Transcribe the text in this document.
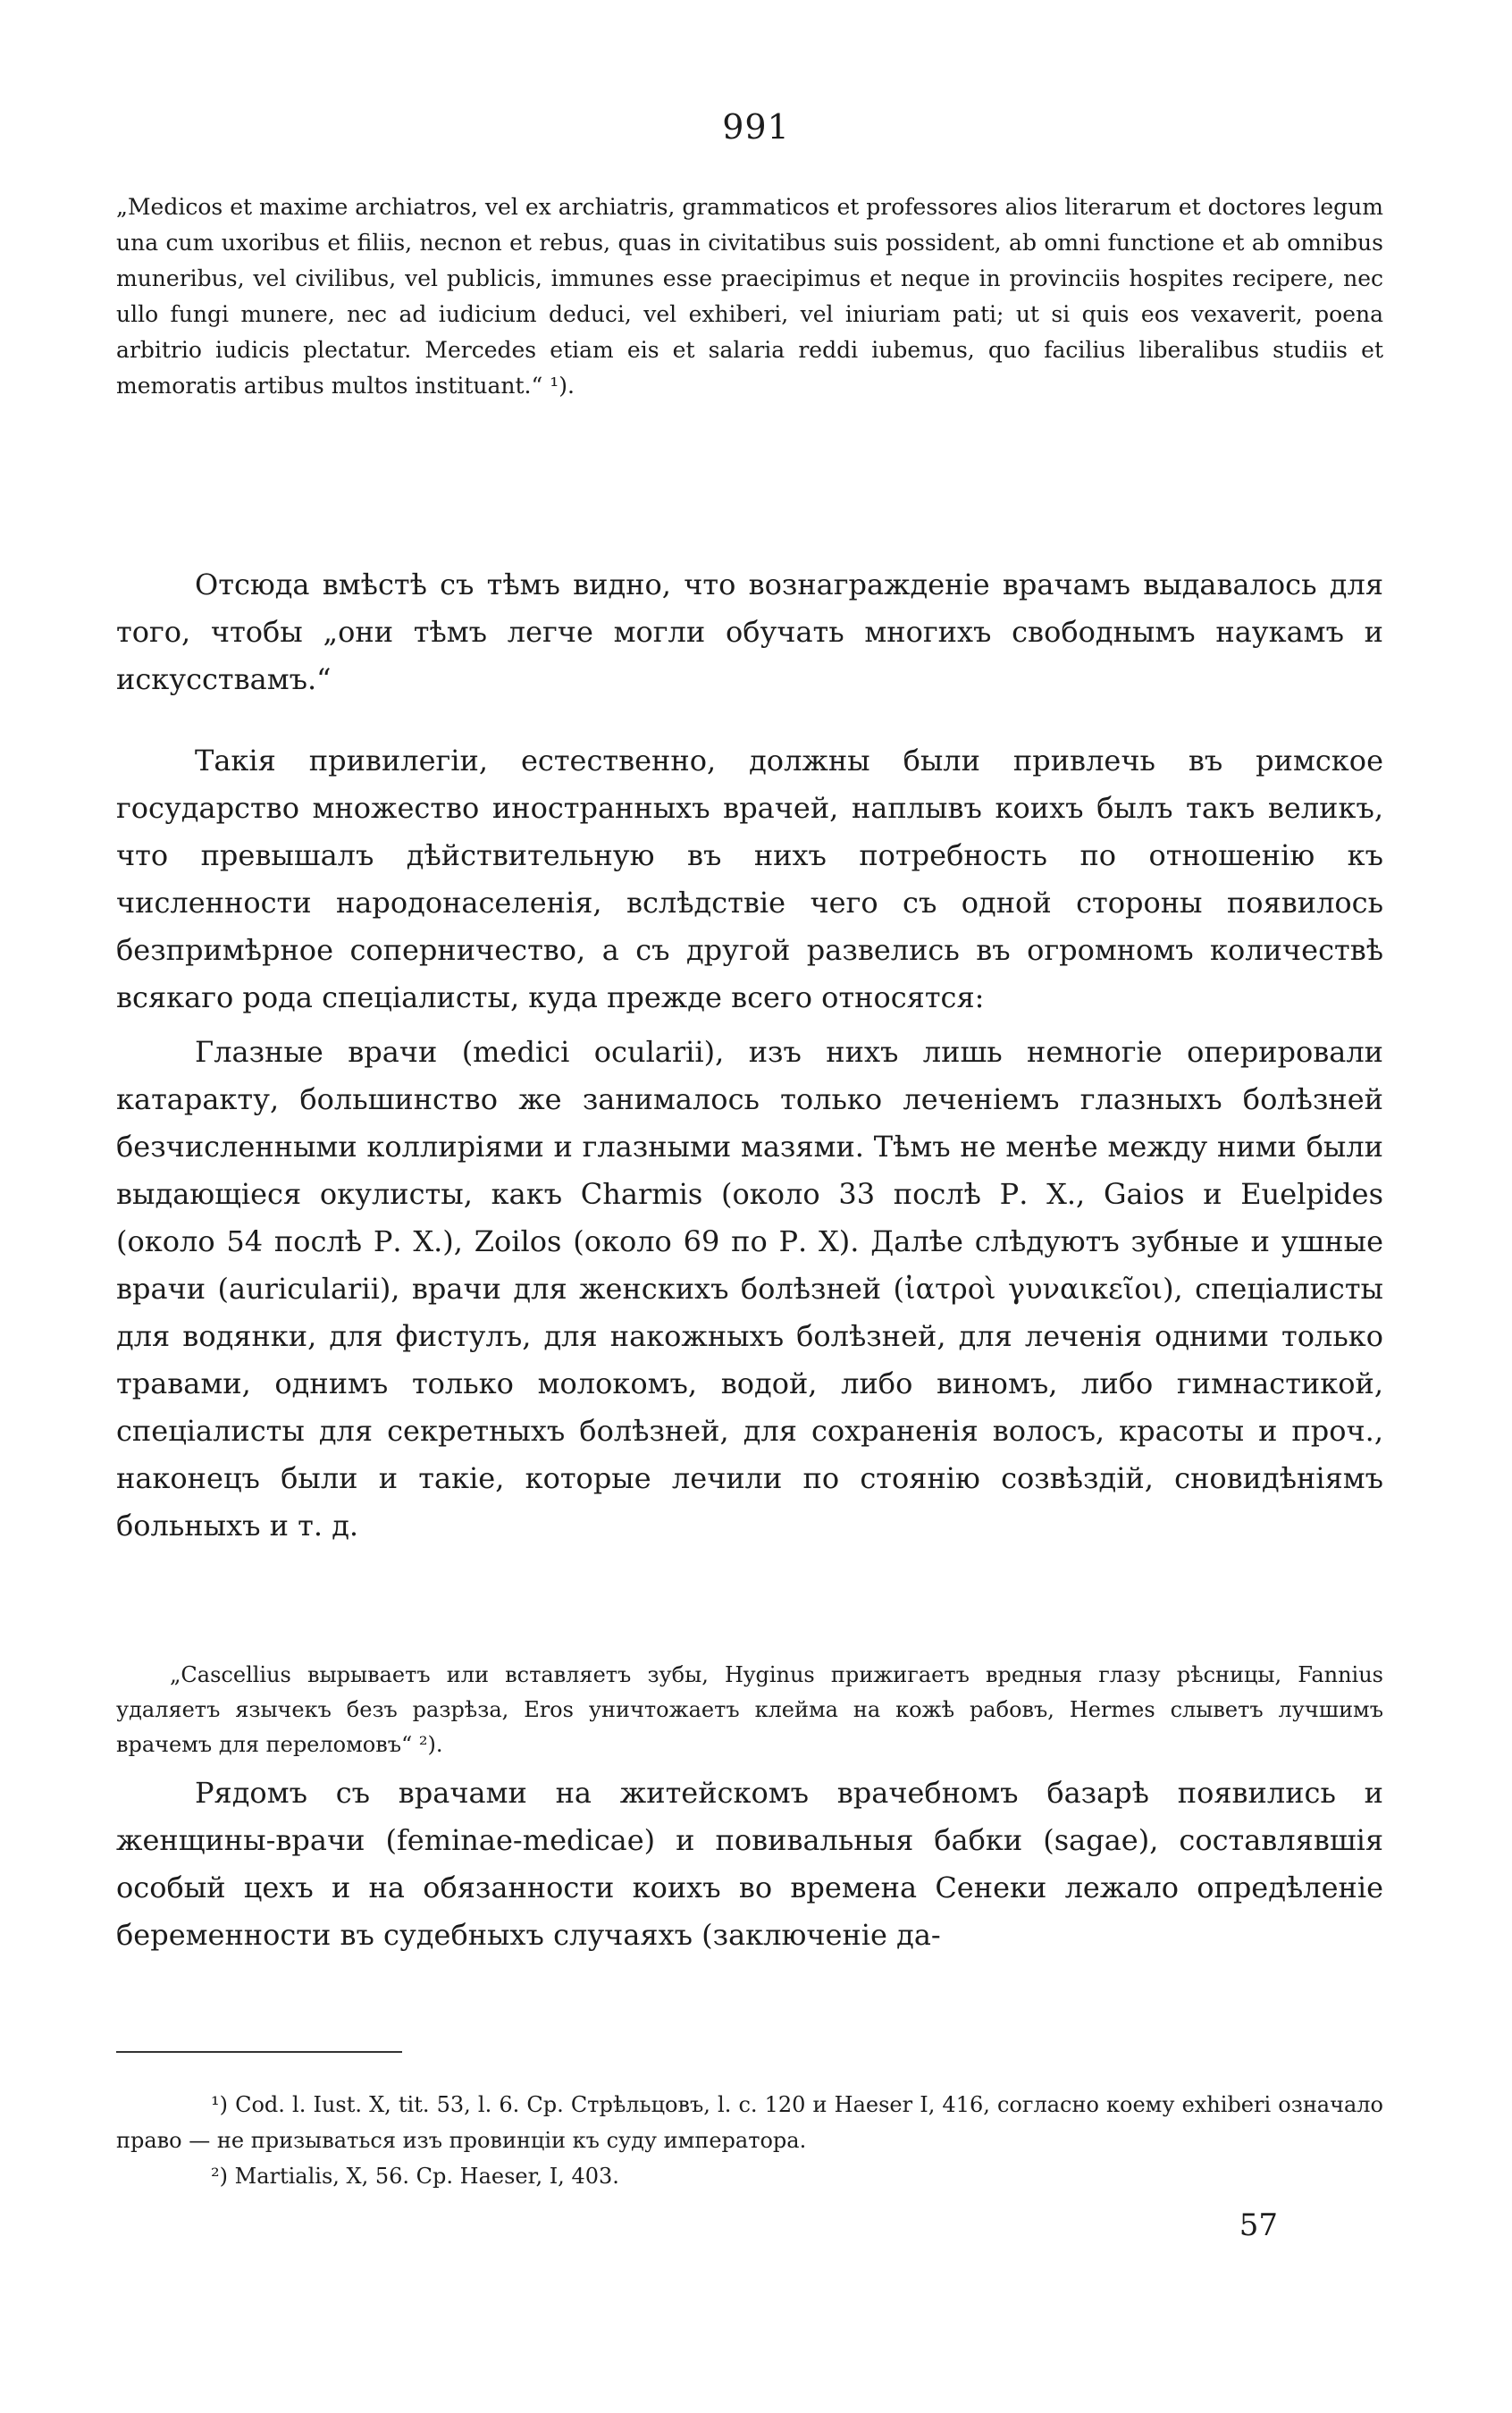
991
„Medicos et maxime archiatros, vel ex archiatris, grammaticos et professores alios literarum et doctores legum una cum uxoribus et filiis, necnon et rebus, quas in civitatibus suis possident, ab omni functione et ab omnibus muneribus, vel civilibus, vel publicis, immunes esse praecipimus et neque in provinciis hospites recipere, nec ullo fungi munere, nec ad iudicium deduci, vel exhiberi, vel iniuriam pati; ut si quis eos vexaverit, poena arbitrio iudicis plectatur. Mercedes etiam eis et salaria reddi iubemus, quo facilius liberalibus studiis et memoratis artibus multos instituant.“ ¹).

Отсюда вмѣстѣ съ тѣмъ видно, что вознагражденіе врачамъ выдавалось для того, чтобы „они тѣмъ легче могли обучать многихъ свободнымъ наукамъ и искусствамъ.“

Такія привилегіи, естественно, должны были привлечь въ римское государство множество иностранныхъ врачей, наплывъ коихъ былъ такъ великъ, что превышалъ дѣйствительную въ нихъ потребность по отношенію къ численности народонаселенія, вслѣдствіе чего съ одной стороны появилось безпримѣрное соперничество, а съ другой развелись въ огромномъ количествѣ всякаго рода спеціалисты, куда прежде всего относятся:

Глазные врачи (medici ocularii), изъ нихъ лишь немногіе оперировали катаракту, большинство же занималось только леченіемъ глазныхъ болѣзней безчисленными коллиріями и глазными мазями. Тѣмъ не менѣе между ними были выдающіеся окулисты, какъ Charmis (около 33 послѣ Р. Х., Gaios и Euelpides (около 54 послѣ Р. Х.), Zoilos (около 69 по Р. Х). Далѣе слѣдуютъ зубные и ушные врачи (auricularii), врачи для женскихъ болѣзней (ἰατροὶ γυναικεῖοι), спеціалисты для водянки, для фистулъ, для накожныхъ болѣзней, для леченія одними только травами, однимъ только молокомъ, водой, либо виномъ, либо гимнастикой, спеціалисты для секретныхъ болѣзней, для сохраненія волосъ, красоты и проч., наконецъ были и такіе, которые лечили по стоянію созвѣздій, сновидѣніямъ больныхъ и т. д.

„Cascellius вырываетъ или вставляетъ зубы, Hyginus прижигаетъ вредныя глазу рѣсницы, Fannius удаляетъ язычекъ безъ разрѣза, Eros уничтожаетъ клейма на кожѣ рабовъ, Hermes слыветъ лучшимъ врачемъ для переломовъ“ ²).

Рядомъ съ врачами на житейскомъ врачебномъ базарѣ появились и женщины-врачи (feminae-medicae) и повивальныя бабки (sagae), составлявшія особый цехъ и на обязанности коихъ во времена Сенеки лежало опредѣленіе беременности въ судебныхъ случаяхъ (заключеніе да-

¹) Cod. l. Iust. X, tit. 53, l. 6. Ср. Стрѣльцовъ, l. c. 120 и Haeser I, 416, согласно коему exhiberi означало право — не призываться изъ провинціи къ суду императора.

²) Martialis, X, 56. Ср. Haeser, I, 403.

57
